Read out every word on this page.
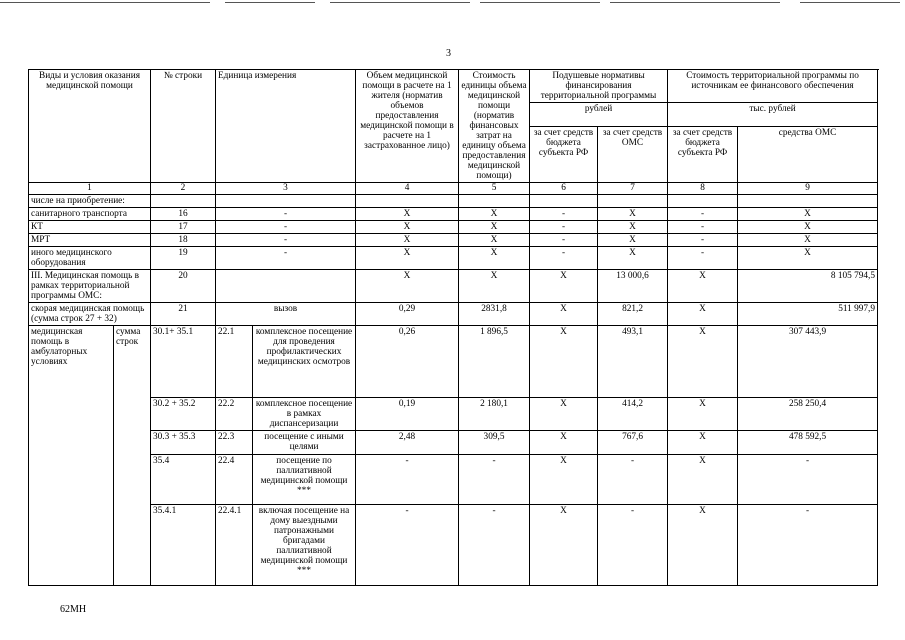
3
Виды и условия оказания медицинской помощи		№ строки	Единица измерения		Объем медицинской помощи в расчете на 1 жителя (норматив объемов предоставления медицинской помощи в расчете на 1 застрахованное лицо)	Стоимость единицы объема медицинской помощи (норматив финансовых затрат на единицу объема предоставления медицинской помощи)	Подушевые нормативы финансирования территориальной программы		Стоимость территориальной программы по источникам ее финансового обеспечения		
							рублей		тыс. рублей	
							за счет средств бюджета субъекта РФ	за счет средств ОМС	за счет средств бюджета субъекта РФ	средства ОМС	
1		2	3		4	5	6	7	8	9	
числе на приобретение:											
санитарного транспорта		16	-		X	X	-	X	-	X	
КТ		17	-		X	X	-	X	-	X	
МРТ		18	-		X	X	-	X	-	X	
иного медицинского оборудования		19	-		X	X	-	X	-	X	
III. Медицинская помощь в рамках территориальной программы ОМС:		20			X	X	X	13 000,6	X	8 105 794,5	
скорая медицинская помощь (сумма строк 27 + 32)		21	вызов		0,29	2831,8	X	821,2	X	511 997,9	
медицинская помощь в амбулаторных условиях	сумма строк	30.1+ 35.1	22.1	комплексное посещение для проведения профилактических медицинских осмотров	0,26	1 896,5	X	493,1	X	307 443,9	
		30.2 + 35.2	22.2	комплексное посещение в рамках диспансеризации	0,19	2 180,1	X	414,2	X	258 250,4	
		30.3 + 35.3	22.3	посещение с иными целями	2,48	309,5	X	767,6	X	478 592,5	
		35.4	22.4	посещение по паллиативной медицинской помощи ***	-	-	X	-	X	-	
		35.4.1	22.4.1	включая посещение на дому выездными патронажными бригадами паллиативной медицинской помощи ***	-	-	X	-	X	-	
62МН
